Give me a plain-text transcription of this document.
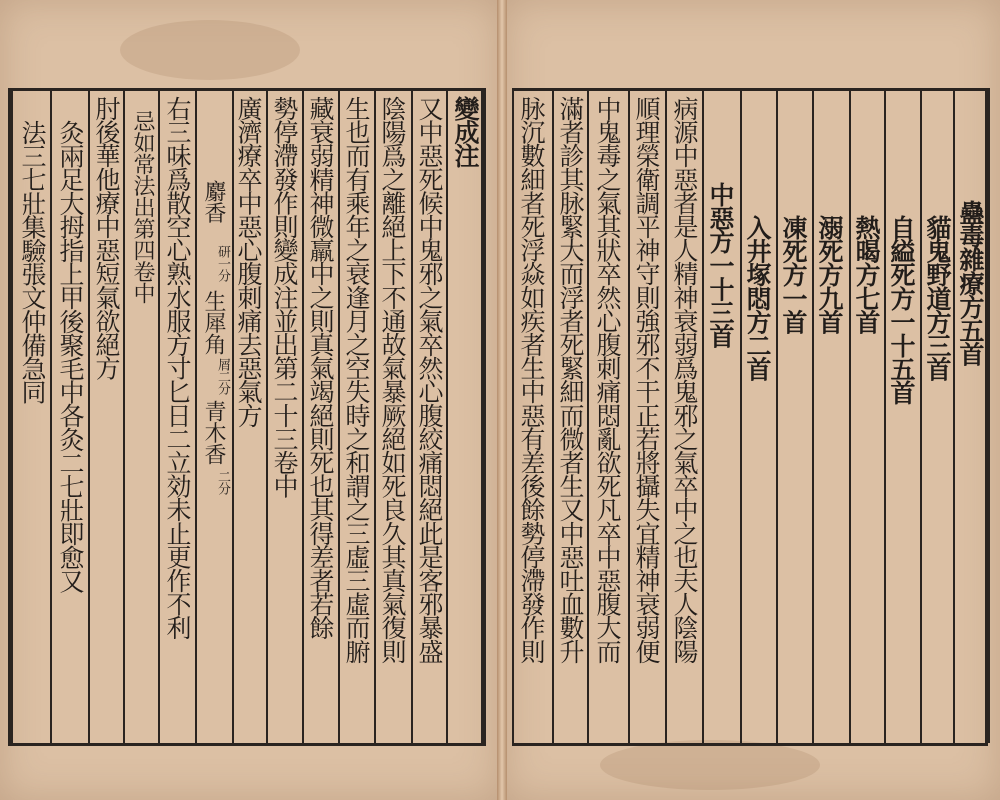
蠱毒雜療方五首
貓鬼野道方三首
自縊死方一十五首
熱暍方七首
溺死方九首
凍死方一首
入井塚悶方二首
中惡方一十三首
病源中惡者是人精神衰弱爲鬼邪之氣卒中之也夫人陰陽
順理榮衛調平神守則強邪不干正若將攝失宜精神衰弱便
中鬼毒之氣其狀卒然心腹刺痛悶亂欲死凡卒中惡腹大而
滿者診其脉緊大而浮者死緊細而微者生又中惡吐血數升
脉沉數細者死浮焱如疾者生中惡有差後餘勢停滯發作則
變成注
又中惡死候中鬼邪之氣卒然心腹絞痛悶絕此是客邪暴盛
陰陽爲之離絕上下不通故氣暴厥絕如死良久其真氣復則
生也而有乘年之衰逢月之空失時之和謂之三虛三虛而腑
藏衰弱精神微羸中之則真氣竭絕則死也其得差者若餘
勢停滯發作則變成注並出第二十三卷中
廣濟療卒中惡心腹刺痛去惡氣方
麝香
研一分
生犀角
屑二分
青木香
二分
右三味爲散空心熟水服方寸匕日二立効未止更作不利
忌如常法出第四卷中
肘後華他療中惡短氣欲絕方
灸兩足大拇指上甲後聚毛中各灸二七壯即愈又
法三七壯集驗張文仲備急同
